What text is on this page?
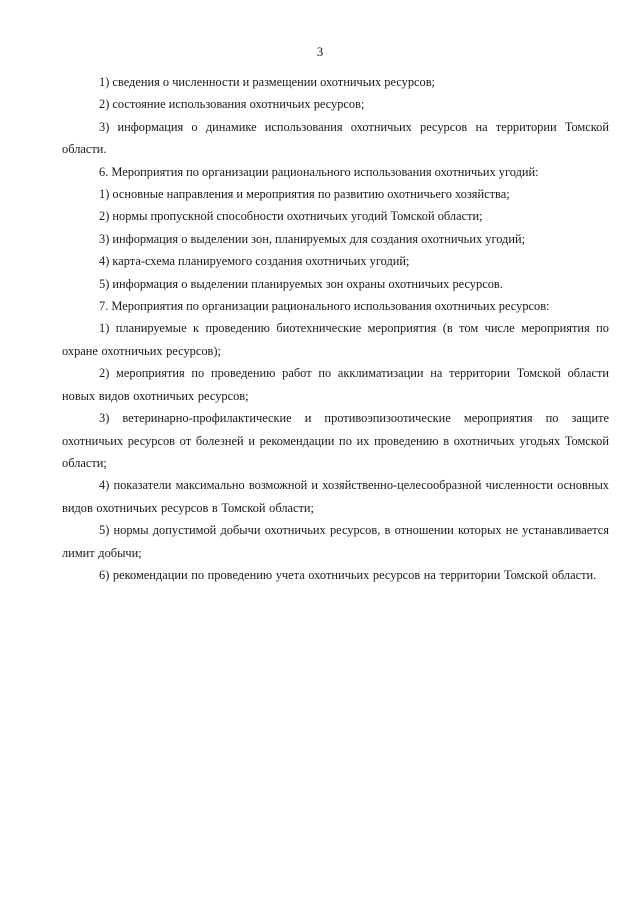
3

1) сведения о численности и размещении охотничьих ресурсов;

2) состояние использования охотничьих ресурсов;

3) информация о динамике использования охотничьих ресурсов на территории Томской области.

6. Мероприятия по организации рационального использования охотничьих угодий:

1) основные направления и мероприятия по развитию охотничьего хозяйства;

2) нормы пропускной способности охотничьих угодий Томской области;

3) информация о выделении зон, планируемых для создания охотничьих угодий;

4) карта-схема планируемого создания охотничьих угодий;

5) информация о выделении планируемых зон охраны охотничьих ресурсов.

7. Мероприятия по организации рационального использования охотничьих ресурсов:

1) планируемые к проведению биотехнические мероприятия (в том числе мероприятия по охране охотничьих ресурсов);

2) мероприятия по проведению работ по акклиматизации на территории Томской области новых видов охотничьих ресурсов;

3) ветеринарно-профилактические и противоэпизоотические мероприятия по защите охотничьих ресурсов от болезней и рекомендации по их проведению в охотничьих угодьях Томской области;

4) показатели максимально возможной и хозяйственно-целесообразной численности основных видов охотничьих ресурсов в Томской области;

5) нормы допустимой добычи охотничьих ресурсов, в отношении которых не устанавливается лимит добычи;

6) рекомендации по проведению учета охотничьих ресурсов на территории Томской области.
